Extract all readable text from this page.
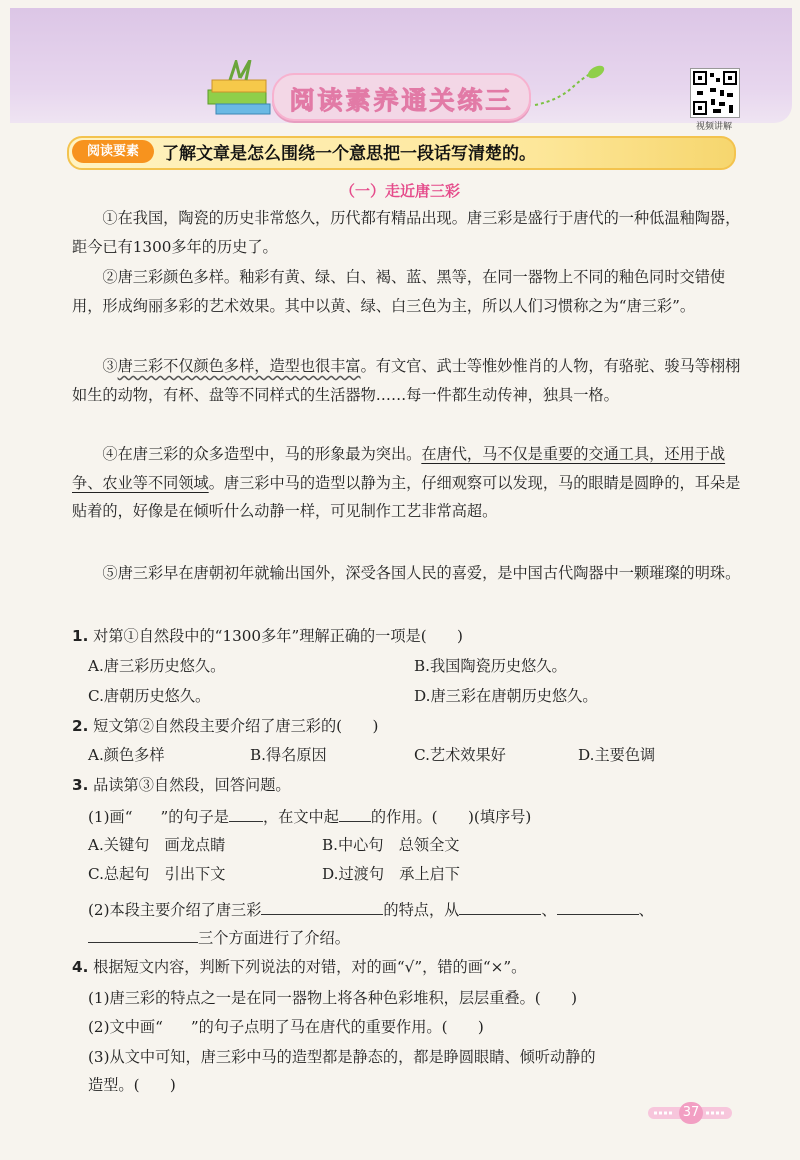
阅读素养通关练三
视频讲解
阅读要素	了解文章是怎么围绕一个意思把一段话写清楚的。
（一）走近唐三彩

①在我国，陶瓷的历史非常悠久，历代都有精品出现。唐三彩是盛行于唐代的一种低温釉陶器，距今已有1300多年的历史了。

②唐三彩颜色多样。釉彩有黄、绿、白、褐、蓝、黑等，在同一器物上不同的釉色同时交错使用，形成绚丽多彩的艺术效果。其中以黄、绿、白三色为主，所以人们习惯称之为“唐三彩”。

③唐三彩不仅颜色多样，造型也很丰富。有文官、武士等惟妙惟肖的人物，有骆驼、骏马等栩栩如生的动物，有杯、盘等不同样式的生活器物……每一件都生动传神，独具一格。

④在唐三彩的众多造型中，马的形象最为突出。在唐代，马不仅是重要的交通工具，还用于战争、农业等不同领域。唐三彩中马的造型以静为主，仔细观察可以发现，马的眼睛是圆睁的，耳朵是贴着的，好像是在倾听什么动静一样，可见制作工艺非常高超。

⑤唐三彩早在唐朝初年就输出国外，深受各国人民的喜爱，是中国古代陶器中一颗璀璨的明珠。

1. 对第①自然段中的“1300多年”理解正确的一项是(　　)
A.唐三彩历史悠久。	B.我国陶瓷历史悠久。
C.唐朝历史悠久。	D.唐三彩在唐朝历史悠久。
2. 短文第②自然段主要介绍了唐三彩的(　　)
A.颜色多样	B.得名原因	C.艺术效果好	D.主要色调
3. 品读第③自然段，回答问题。
(1)画“ ”的句子是 ，在文中起 的作用。(　　)(填序号)
A.关键句　画龙点睛	B.中心句　总领全文
C.总起句　引出下文	D.过渡句　承上启下
(2)本段主要介绍了唐三彩	的特点，从	、	、
三个方面进行了介绍。
4. 根据短文内容，判断下列说法的对错，对的画“√”，错的画“×”。
(1)唐三彩的特点之一是在同一器物上将各种色彩堆积，层层重叠。(　　)
(2)文中画“ ”的句子点明了马在唐代的重要作用。(　　)
(3)从文中可知，唐三彩中马的造型都是静态的，都是睁圆眼睛、倾听动静的
造型。(　　)
37
